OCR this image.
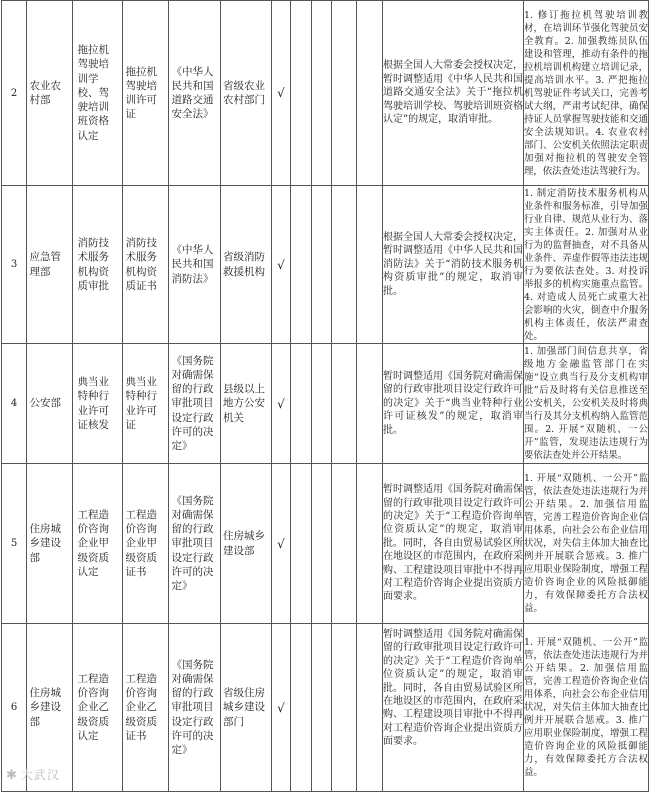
2	农业农村部	拖拉机驾驶培训学校、驾驶培训班资格认定	拖拉机驾驶培训许可证	《中华人民共和国道路交通安全法》	省级农业农村部门	√					根据全国人大常委会授权决定，暂时调整适用《中华人民共和国道路交通安全法》关于“拖拉机驾驶培训学校、驾驶培训班资格认定”的规定，取消审批。	1. 修订拖拉机驾驶培训教材，在培训环节强化驾驶员安全教育。2. 加强教练员队伍建设和管理，推动有条件的拖拉机培训机构建立培训记录，提高培训水平。3. 严把拖拉机驾驶证件考试关口，完善考试大纲，严肃考试纪律，确保持证人员掌握驾驶技能和交通安全法规知识。4. 农业农村部门、公安机关依照法定职责加强对拖拉机的驾驶安全管理，依法查处违法驾驶行为。
3	应急管理部	消防技术服务机构资质审批	消防技术服务机构资质证书	《中华人民共和国消防法》	省级消防救援机构	√					根据全国人大常委会授权决定，暂时调整适用《中华人民共和国消防法》关于“消防技术服务机构资质审批”的规定，取消审批。	1. 制定消防技术服务机构从业条件和服务标准，引导加强行业自律、规范从业行为、落实主体责任。2. 加强对从业行为的监督抽查，对不具备从业条件、弄虚作假等违法违规行为要依法查处。3. 对投诉举报多的机构实施重点监管。4. 对造成人员死亡或重大社会影响的火灾，倒查中介服务机构主体责任，依法严肃查处。
4	公安部	典当业特种行业许可证核发	典当业特种行业许可证	《国务院对确需保留的行政审批项目设定行政许可的决定》	县级以上地方公安机关	√					暂时调整适用《国务院对确需保留的行政审批项目设定行政许可的决定》关于“典当业特种行业许可证核发”的规定，取消审批。	1. 加强部门间信息共享，省级地方金融监管部门在实施“设立典当行及分支机构审批”后及时将有关信息推送至公安机关，公安机关及时将典当行及其分支机构纳入监管范围。2. 开展“双随机、一公开”监管，发现违法违规行为要依法查处并公开结果。
5	住房城乡建设部	工程造价咨询企业甲级资质认定	工程造价咨询企业甲级资质证书	《国务院对确需保留的行政审批项目设定行政许可的决定》	住房城乡建设部	√					暂时调整适用《国务院对确需保留的行政审批项目设定行政许可的决定》关于“工程造价咨询单位资质认定”的规定，取消审批。同时，各自由贸易试验区所在地设区的市范围内，在政府采购、工程建设项目审批中不得再对工程造价咨询企业提出资质方面要求。	1. 开展“双随机、一公开”监管，依法查处违法违规行为并公开结果。2. 加强信用监管，完善工程造价咨询企业信用体系，向社会公布企业信用状况，对失信主体加大抽查比例并开展联合惩戒。3. 推广应用职业保险制度，增强工程造价咨询企业的风险抵御能力，有效保障委托方合法权益。
6	住房城乡建设部	工程造价咨询企业乙级资质认定	工程造价咨询企业乙级资质证书	《国务院对确需保留的行政审批项目设定行政许可的决定》	省级住房城乡建设部门	√					暂时调整适用《国务院对确需保留的行政审批项目设定行政许可的决定》关于“工程造价咨询单位资质认定”的规定，取消审批。同时，各自由贸易试验区所在地设区的市范围内，在政府采购、工程建设项目审批中不得再对工程造价咨询企业提出资质方面要求。	1. 开展“双随机、一公开”监管，依法查处违法违规行为并公开结果。2. 加强信用监管，完善工程造价咨询企业信用体系，向社会公布企业信用状况，对失信主体加大抽查比例并开展联合惩戒。3. 推广应用职业保险制度，增强工程造价咨询企业的风险抵御能力，有效保障委托方合法权益。
✱ 大武汉
